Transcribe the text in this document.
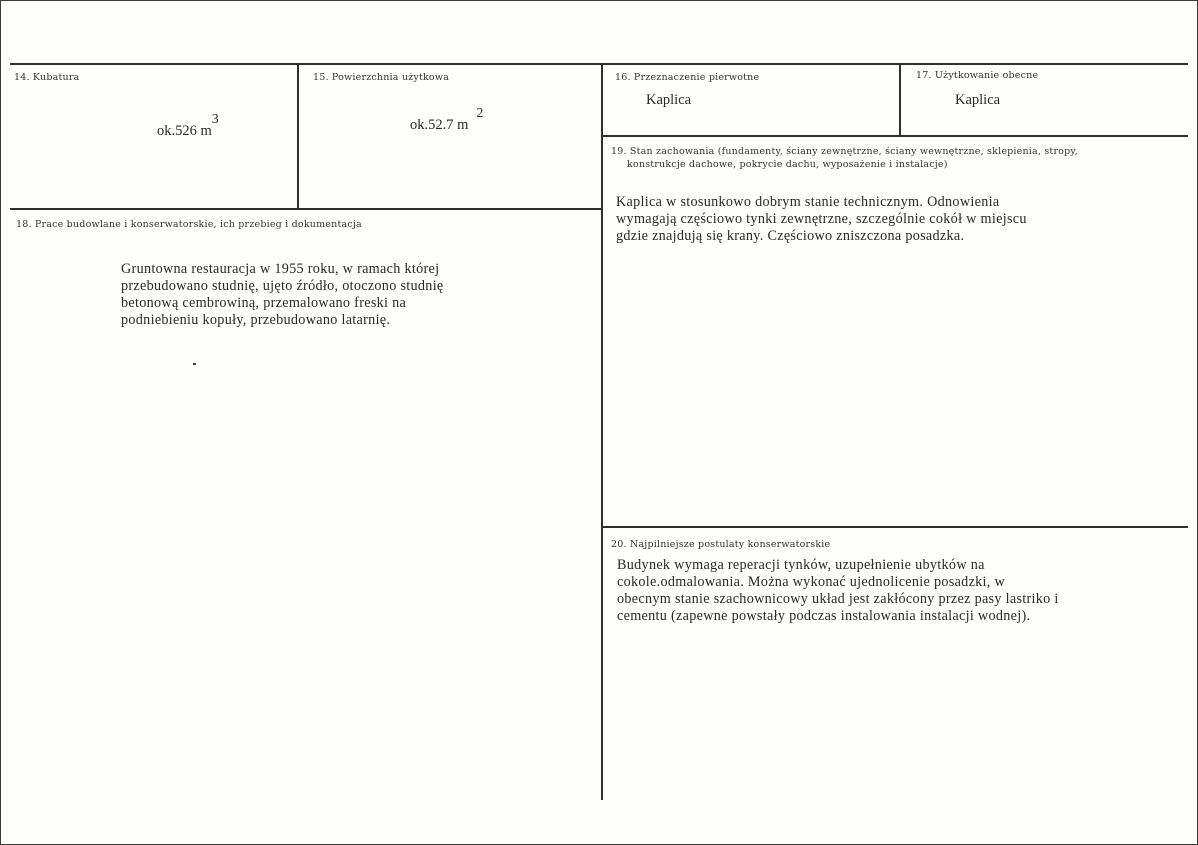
14. Kubatura
ok.526 $m^3$
15. Powierzchnia użytkowa
ok.52.7 $m^2$
16. Przeznaczenie pierwotne
Kaplica
17. Użytkowanie obecne
Kaplica
18. Prace budowlane i konserwatorskie, ich przebieg i dokumentacja
Gruntowna restauracja w 1955 roku, w ramach której
przebudowano studnię, ujęto źródło, otoczono studnię
betonową cembrowiną, przemalowano freski na
podniebieniu kopuły, przebudowano latarnię.
19. Stan zachowania (fundamenty, ściany zewnętrzne, ściany wewnętrzne, sklepienia, stropy,
konstrukcje dachowe, pokrycie dachu, wyposażenie i instalacje)
Kaplica w stosunkowo dobrym stanie technicznym. Odnowienia
wymagają częściowo tynki zewnętrzne, szczególnie cokół w miejscu
gdzie znajdują się krany. Częściowo zniszczona posadzka.
20. Najpilniejsze postulaty konserwatorskie
Budynek wymaga reperacji tynków, uzupełnienie ubytków na
cokole.odmalowania. Można wykonać ujednolicenie posadzki, w
obecnym stanie szachownicowy układ jest zakłócony przez pasy lastriko i
cementu (zapewne powstały podczas instalowania instalacji wodnej).
